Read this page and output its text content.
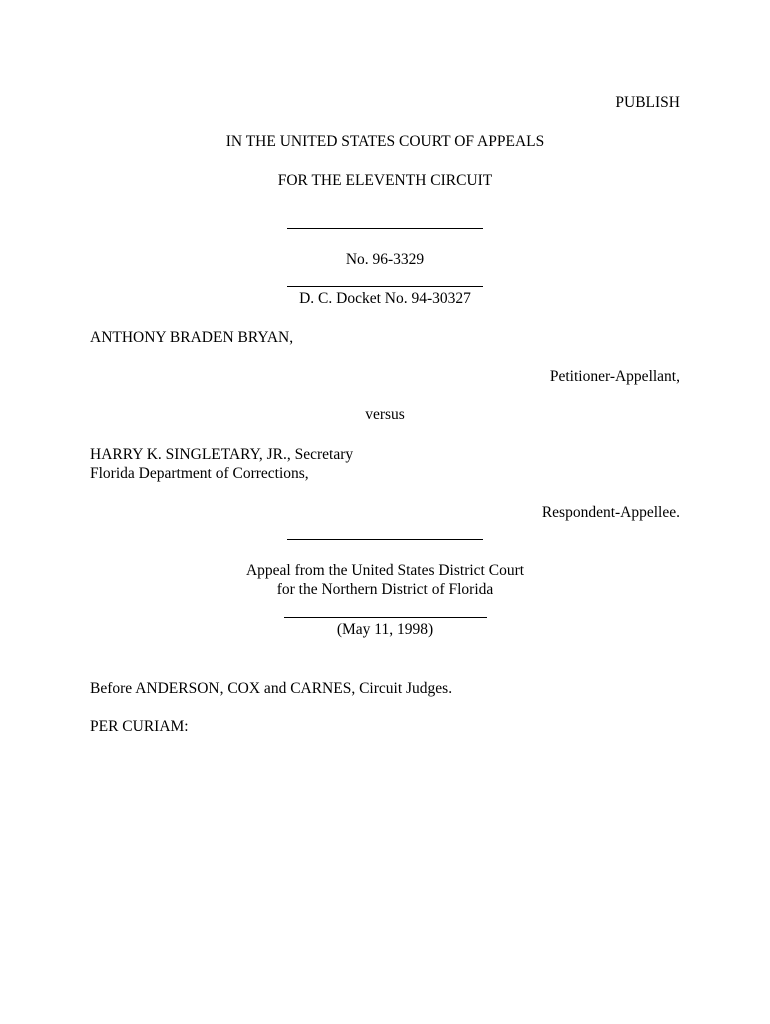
PUBLISH
IN THE UNITED STATES COURT OF APPEALS
FOR THE ELEVENTH CIRCUIT
No. 96-3329
D. C. Docket No. 94-30327
ANTHONY BRADEN BRYAN,
Petitioner-Appellant,
versus
HARRY K. SINGLETARY, JR., Secretary
Florida Department of Corrections,
Respondent-Appellee.
Appeal from the United States District Court
for the Northern District of Florida
(May 11, 1998)
Before ANDERSON, COX and CARNES, Circuit Judges.
PER CURIAM:
